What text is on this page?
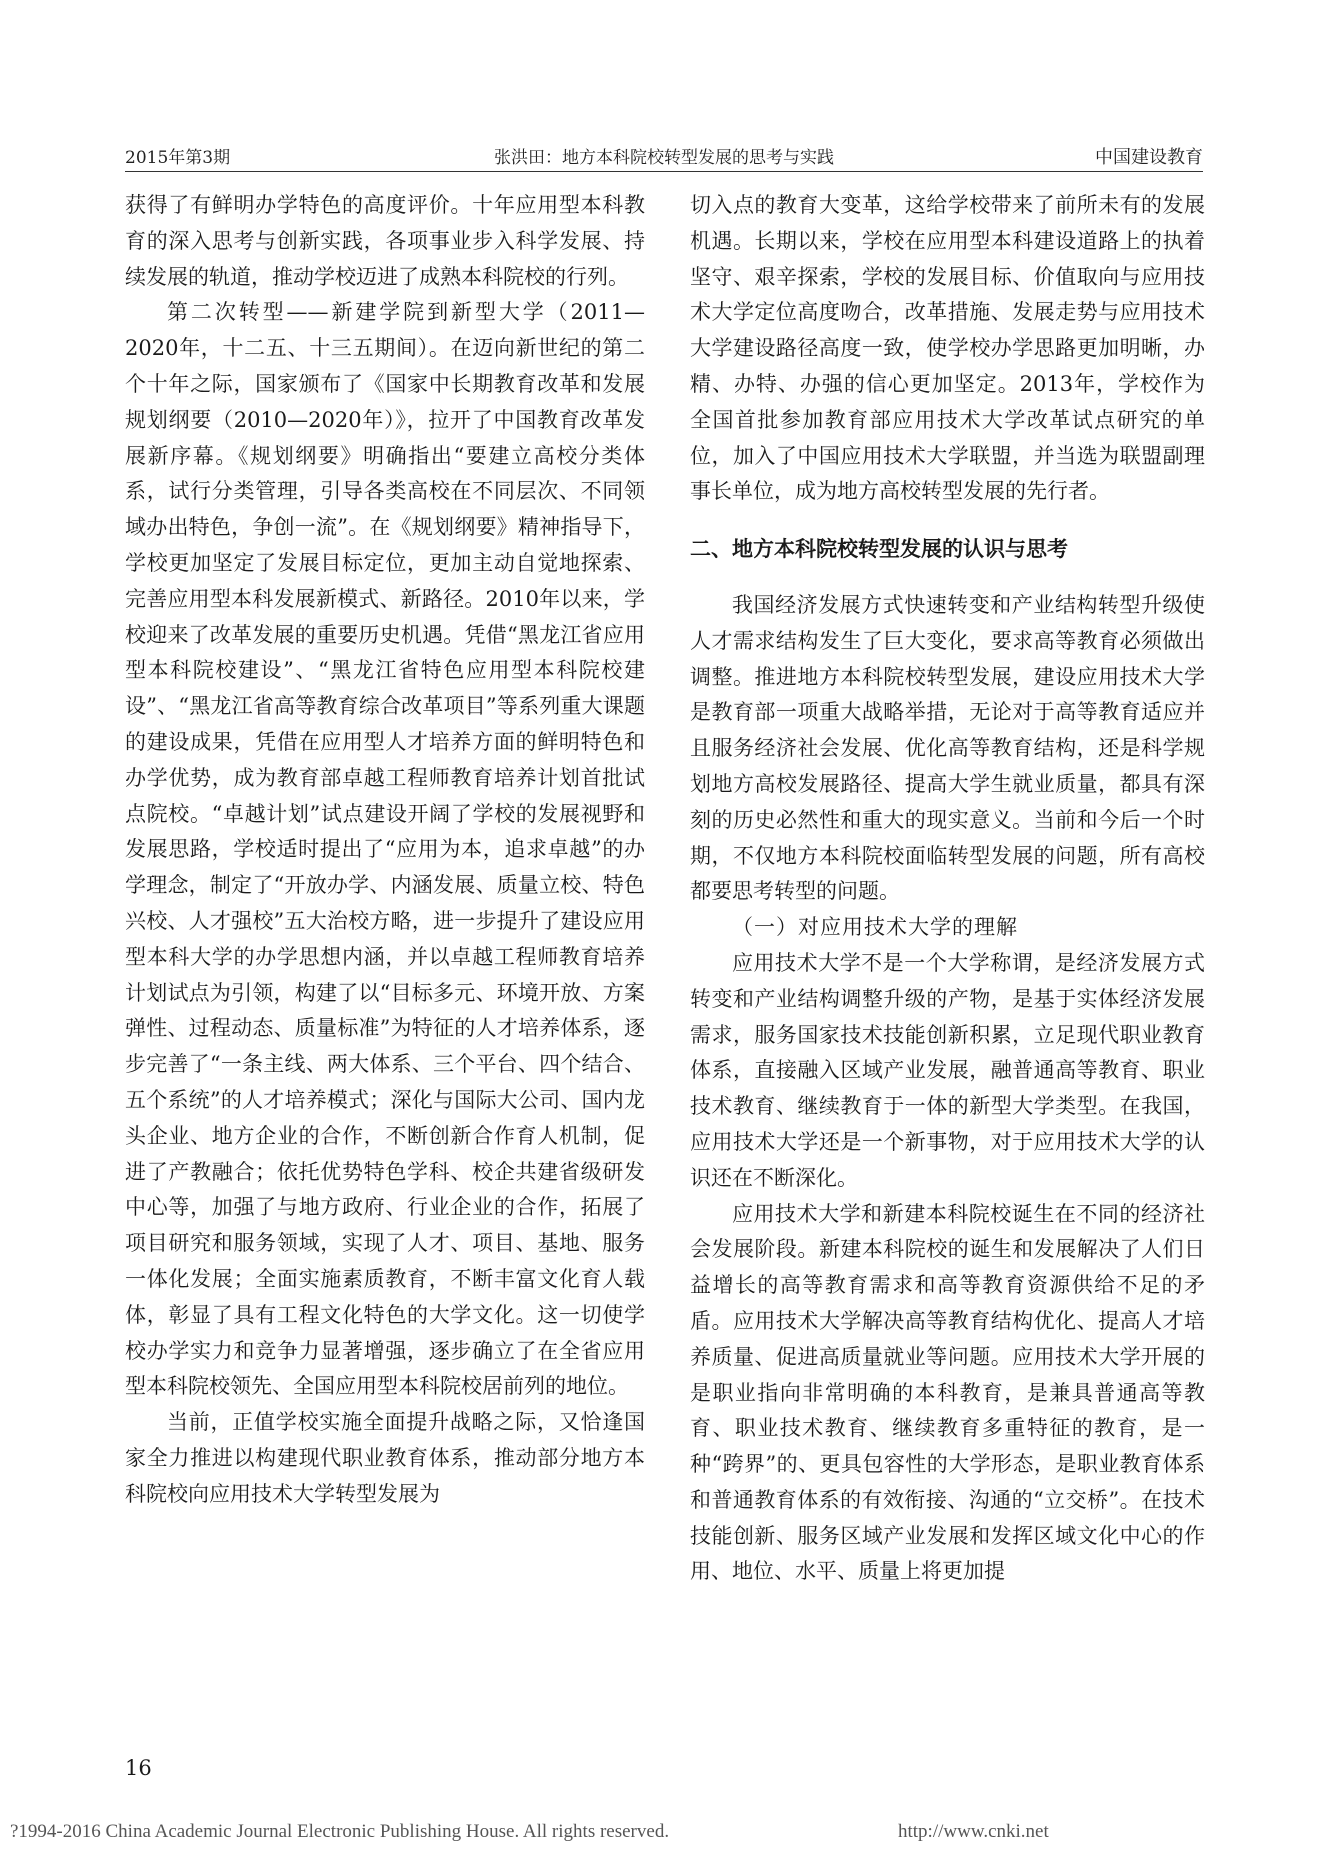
2015年第3期	张洪田：地方本科院校转型发展的思考与实践	中国建设教育

获得了有鲜明办学特色的高度评价。十年应用型本科教育的深入思考与创新实践，各项事业步入科学发展、持续发展的轨道，推动学校迈进了成熟本科院校的行列。

第二次转型——新建学院到新型大学（2011—2020年，十二五、十三五期间）。在迈向新世纪的第二个十年之际，国家颁布了《国家中长期教育改革和发展规划纲要（2010—2020年）》，拉开了中国教育改革发展新序幕。《规划纲要》明确指出“要建立高校分类体系，试行分类管理，引导各类高校在不同层次、不同领域办出特色，争创一流”。在《规划纲要》精神指导下，学校更加坚定了发展目标定位，更加主动自觉地探索、完善应用型本科发展新模式、新路径。2010年以来，学校迎来了改革发展的重要历史机遇。凭借“黑龙江省应用型本科院校建设”、“黑龙江省特色应用型本科院校建设”、“黑龙江省高等教育综合改革项目”等系列重大课题的建设成果，凭借在应用型人才培养方面的鲜明特色和办学优势，成为教育部卓越工程师教育培养计划首批试点院校。“卓越计划”试点建设开阔了学校的发展视野和发展思路，学校适时提出了“应用为本，追求卓越”的办学理念，制定了“开放办学、内涵发展、质量立校、特色兴校、人才强校”五大治校方略，进一步提升了建设应用型本科大学的办学思想内涵，并以卓越工程师教育培养计划试点为引领，构建了以“目标多元、环境开放、方案弹性、过程动态、质量标准”为特征的人才培养体系，逐步完善了“一条主线、两大体系、三个平台、四个结合、五个系统”的人才培养模式；深化与国际大公司、国内龙头企业、地方企业的合作，不断创新合作育人机制，促进了产教融合；依托优势特色学科、校企共建省级研发中心等，加强了与地方政府、行业企业的合作，拓展了项目研究和服务领域，实现了人才、项目、基地、服务一体化发展；全面实施素质教育，不断丰富文化育人载体，彰显了具有工程文化特色的大学文化。这一切使学校办学实力和竞争力显著增强，逐步确立了在全省应用型本科院校领先、全国应用型本科院校居前列的地位。

当前，正值学校实施全面提升战略之际，又恰逢国家全力推进以构建现代职业教育体系，推动部分地方本科院校向应用技术大学转型发展为

切入点的教育大变革，这给学校带来了前所未有的发展机遇。长期以来，学校在应用型本科建设道路上的执着坚守、艰辛探索，学校的发展目标、价值取向与应用技术大学定位高度吻合，改革措施、发展走势与应用技术大学建设路径高度一致，使学校办学思路更加明晰，办精、办特、办强的信心更加坚定。2013年，学校作为全国首批参加教育部应用技术大学改革试点研究的单位，加入了中国应用技术大学联盟，并当选为联盟副理事长单位，成为地方高校转型发展的先行者。

二、地方本科院校转型发展的认识与思考

我国经济发展方式快速转变和产业结构转型升级使人才需求结构发生了巨大变化，要求高等教育必须做出调整。推进地方本科院校转型发展，建设应用技术大学是教育部一项重大战略举措，无论对于高等教育适应并且服务经济社会发展、优化高等教育结构，还是科学规划地方高校发展路径、提高大学生就业质量，都具有深刻的历史必然性和重大的现实意义。当前和今后一个时期，不仅地方本科院校面临转型发展的问题，所有高校都要思考转型的问题。

（一）对应用技术大学的理解

应用技术大学不是一个大学称谓，是经济发展方式转变和产业结构调整升级的产物，是基于实体经济发展需求，服务国家技术技能创新积累，立足现代职业教育体系，直接融入区域产业发展，融普通高等教育、职业技术教育、继续教育于一体的新型大学类型。在我国，应用技术大学还是一个新事物，对于应用技术大学的认识还在不断深化。

应用技术大学和新建本科院校诞生在不同的经济社会发展阶段。新建本科院校的诞生和发展解决了人们日益增长的高等教育需求和高等教育资源供给不足的矛盾。应用技术大学解决高等教育结构优化、提高人才培养质量、促进高质量就业等问题。应用技术大学开展的是职业指向非常明确的本科教育，是兼具普通高等教育、职业技术教育、继续教育多重特征的教育，是一种“跨界”的、更具包容性的大学形态，是职业教育体系和普通教育体系的有效衔接、沟通的“立交桥”。在技术技能创新、服务区域产业发展和发挥区域文化中心的作用、地位、水平、质量上将更加提

16
?1994-2016 China Academic Journal Electronic Publishing House. All rights reserved.	http://www.cnki.net
